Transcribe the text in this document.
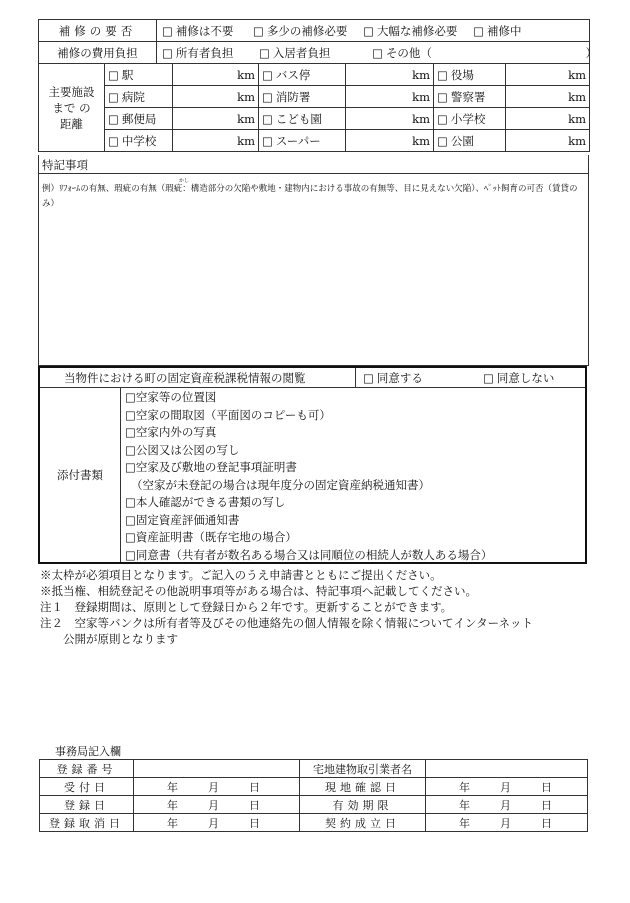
補修の要否	□ 補修は不要 □ 多少の補修必要 □ 大幅な補修必要 □ 補修中
補修の費用負担	□ 所有者負担 □ 入居者負担 □ その他（ ）
主要施設
まで の
距離	□ 駅	km	□ バス停	km	□ 役場	km
	□ 病院	km	□ 消防署	km	□ 警察署	km
	□ 郵便局	km	□ こども園	km	□ 小学校	km
	□ 中学校	km	□ スーパー	km	□ 公園	km
特記事項
かし
例）ﾘﾌｫｰﾑの有無、瑕疵の有無（瑕疵：構造部分の欠陥や敷地・建物内における事故の有無等、目に見えない欠陥）、ﾍﾟｯﾄ飼育の可否（賃貸のみ）
当物件における町の固定資産税課税情報の閲覧	□ 同意する	□ 同意しない
添付書類
□空家等の位置図
□空家の間取図（平面図のコピーも可）
□空家内外の写真
□公図又は公図の写し
□空家及び敷地の登記事項証明書
（空家が未登記の場合は現年度分の固定資産納税通知書）
□本人確認ができる書類の写し
□固定資産評価通知書
□資産証明書（既存宅地の場合）
□同意書（共有者が数名ある場合又は同順位の相続人が数人ある場合）
※太枠が必須項目となります。ご記入のうえ申請書とともにご提出ください。
※抵当権、相続登記その他説明事項等がある場合は、特記事項へ記載してください。
注１　登録期間は、原則として登録日から２年です。更新することができます。
注２　空家等バンクは所有者等及びその他連絡先の個人情報を除く情報についてインターネット
　　公開が原則となります
事務局記入欄
登録番号		宅地建物取引業者名	
受付日	年 月 日	現地確認日	年 月 日
登録日	年 月 日	有効期限	年 月 日
登録取消日	年 月 日	契約成立日	年 月 日
